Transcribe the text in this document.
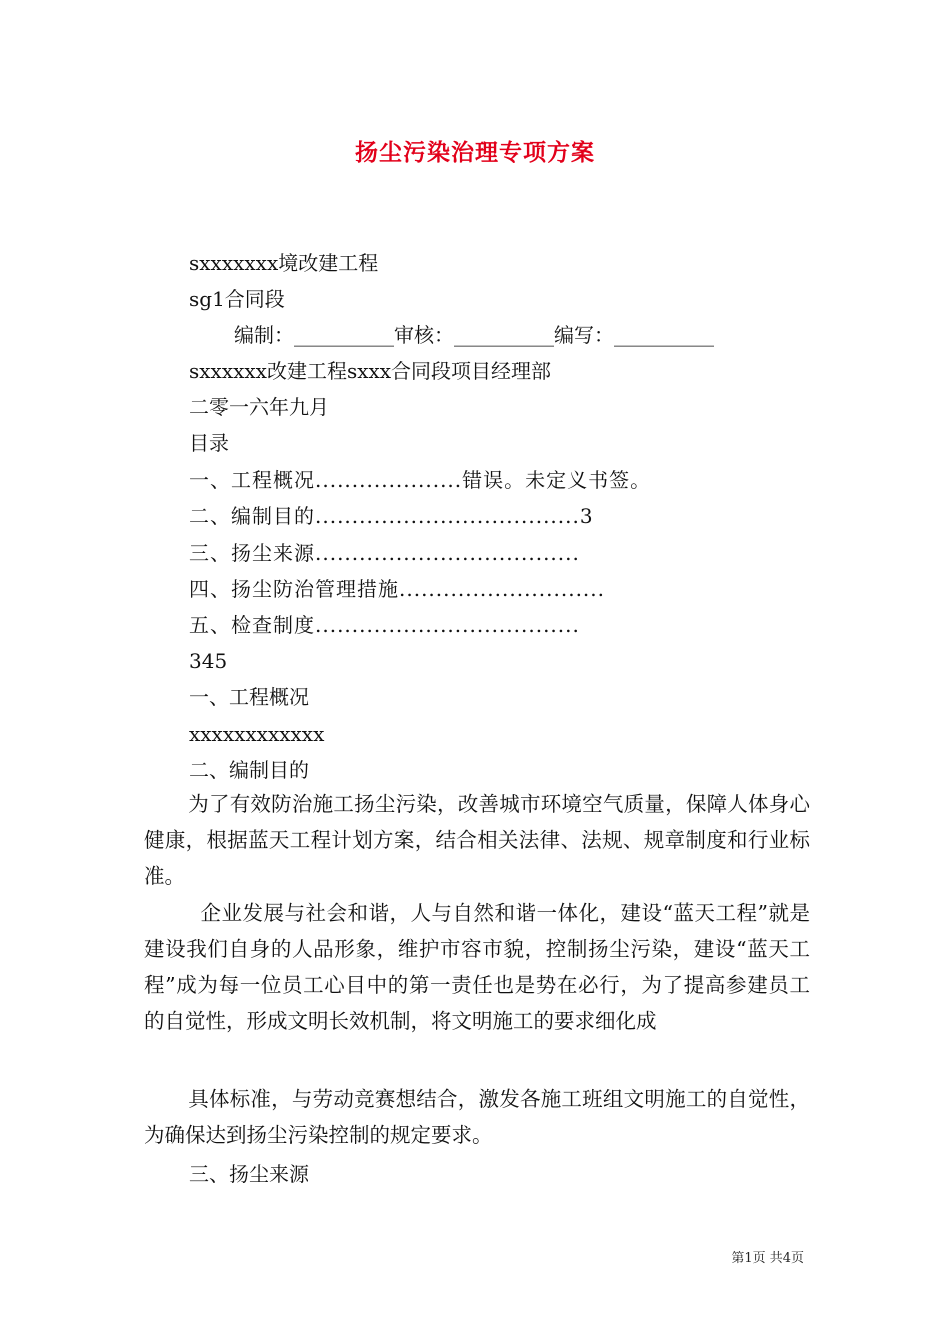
扬尘污染治理专项方案
sxxxxxxx境改建工程
sg1合同段
编制：__________审核：__________编写：__________
sxxxxxx改建工程sxxx合同段项目经理部
二零一六年九月
目录
一、工程概况....................错误。未定义书签。
二、编制目的....................................3
三、扬尘来源....................................
四、扬尘防治管理措施............................
五、检查制度....................................
345
一、工程概况
xxxxxxxxxxxx
二、编制目的
为了有效防治施工扬尘污染，改善城市环境空气质量，保障人体身心健康，根据蓝天工程计划方案，结合相关法律、法规、规章制度和行业标准。
企业发展与社会和谐，人与自然和谐一体化，建设“蓝天工程”就是建设我们自身的人品形象，维护市容市貌，控制扬尘污染，建设“蓝天工程”成为每一位员工心目中的第一责任也是势在必行，为了提高参建员工的自觉性，形成文明长效机制，将文明施工的要求细化成
具体标准，与劳动竞赛想结合，激发各施工班组文明施工的自觉性，为确保达到扬尘污染控制的规定要求。
三、扬尘来源
第1页 共4页
